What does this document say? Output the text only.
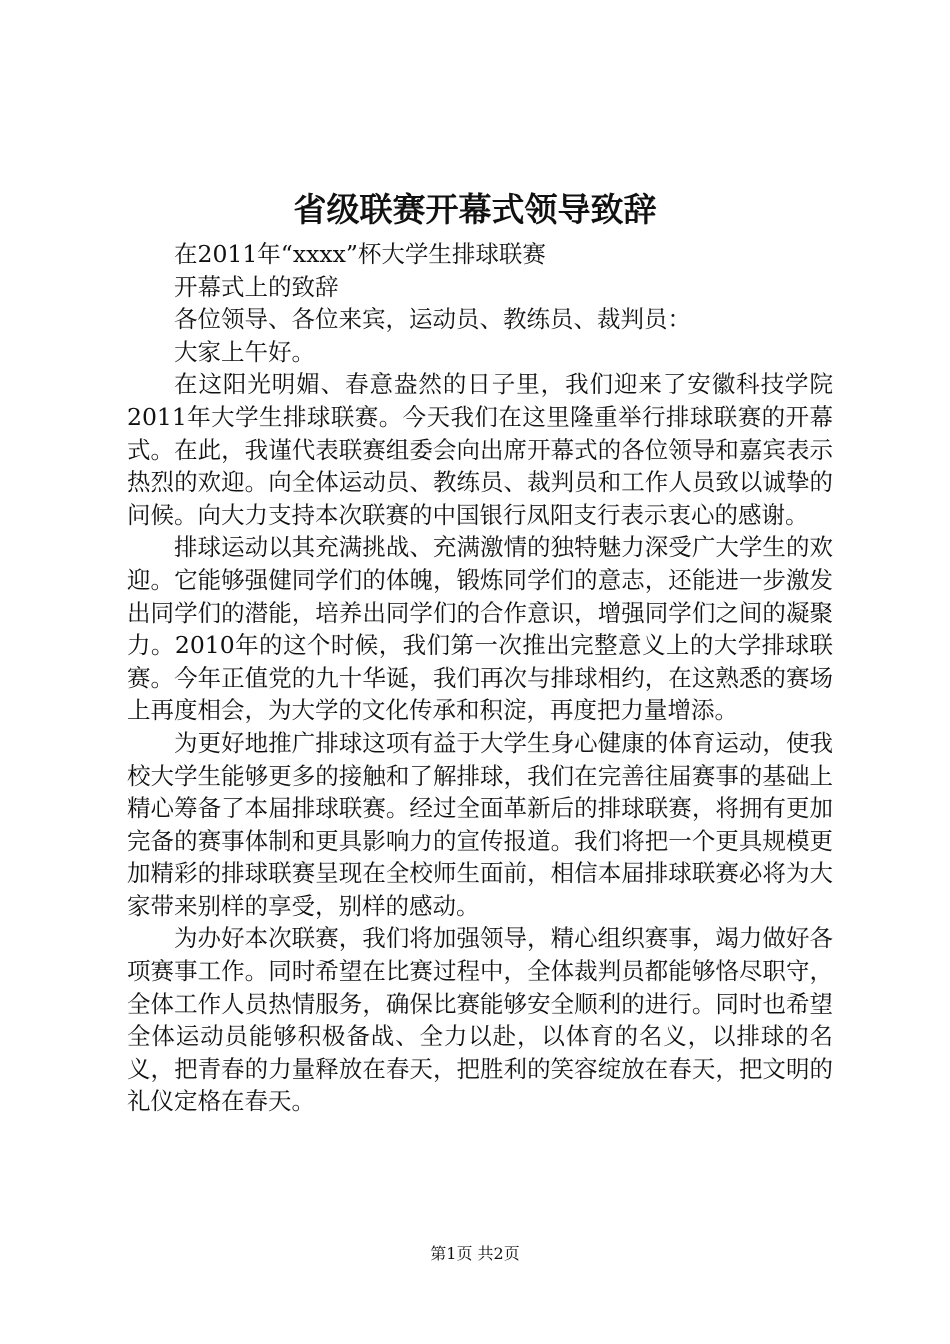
省级联赛开幕式领导致辞

在2011年“xxxx”杯大学生排球联赛

开幕式上的致辞

各位领导、各位来宾，运动员、教练员、裁判员：

大家上午好。

在这阳光明媚、春意盎然的日子里，我们迎来了安徽科技学院2011年大学生排球联赛。今天我们在这里隆重举行排球联赛的开幕式。在此，我谨代表联赛组委会向出席开幕式的各位领导和嘉宾表示热烈的欢迎。向全体运动员、教练员、裁判员和工作人员致以诚挚的问候。向大力支持本次联赛的中国银行凤阳支行表示衷心的感谢。

排球运动以其充满挑战、充满激情的独特魅力深受广大学生的欢迎。它能够强健同学们的体魄，锻炼同学们的意志，还能进一步激发出同学们的潜能，培养出同学们的合作意识，增强同学们之间的凝聚力。2010年的这个时候，我们第一次推出完整意义上的大学排球联赛。今年正值党的九十华诞，我们再次与排球相约，在这熟悉的赛场上再度相会，为大学的文化传承和积淀，再度把力量增添。

为更好地推广排球这项有益于大学生身心健康的体育运动，使我校大学生能够更多的接触和了解排球，我们在完善往届赛事的基础上精心筹备了本届排球联赛。经过全面革新后的排球联赛，将拥有更加完备的赛事体制和更具影响力的宣传报道。我们将把一个更具规模更加精彩的排球联赛呈现在全校师生面前，相信本届排球联赛必将为大家带来别样的享受，别样的感动。

为办好本次联赛，我们将加强领导，精心组织赛事，竭力做好各项赛事工作。同时希望在比赛过程中，全体裁判员都能够恪尽职守，全体工作人员热情服务，确保比赛能够安全顺利的进行。同时也希望全体运动员能够积极备战、全力以赴，以体育的名义，以排球的名义，把青春的力量释放在春天，把胜利的笑容绽放在春天，把文明的礼仪定格在春天。

第1页 共2页
